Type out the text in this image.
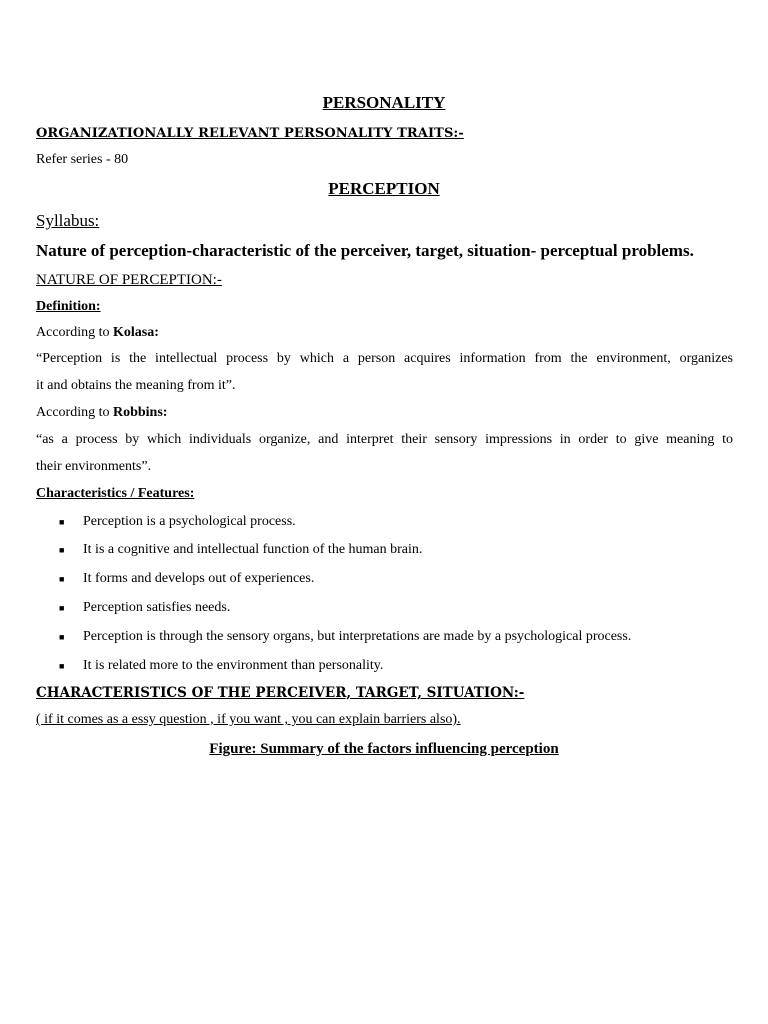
PERSONALITY
ORGANIZATIONALLY RELEVANT PERSONALITY TRAITS:-
Refer series - 80
PERCEPTION
Syllabus:
Nature of perception-characteristic of the perceiver, target, situation- perceptual problems.
NATURE OF PERCEPTION:-
Definition:
According to Kolasa:
“Perception is the intellectual process by which a person acquires information from the environment, organizes
it and obtains the meaning from it”.
According to Robbins:
“as a process by which individuals organize, and interpret their sensory impressions in order to give meaning to
their environments”.
Characteristics / Features:
■ Perception is a psychological process.
■ It is a cognitive and intellectual function of the human brain.
■ It forms and develops out of experiences.
■ Perception satisfies needs.
■ Perception is through the sensory organs, but interpretations are made by a psychological process.
■ It is related more to the environment than personality.
CHARACTERISTICS OF THE PERCEIVER, TARGET, SITUATION:-
( if it comes as a essy question , if you want , you can explain barriers also).
Figure: Summary of the factors influencing perception
